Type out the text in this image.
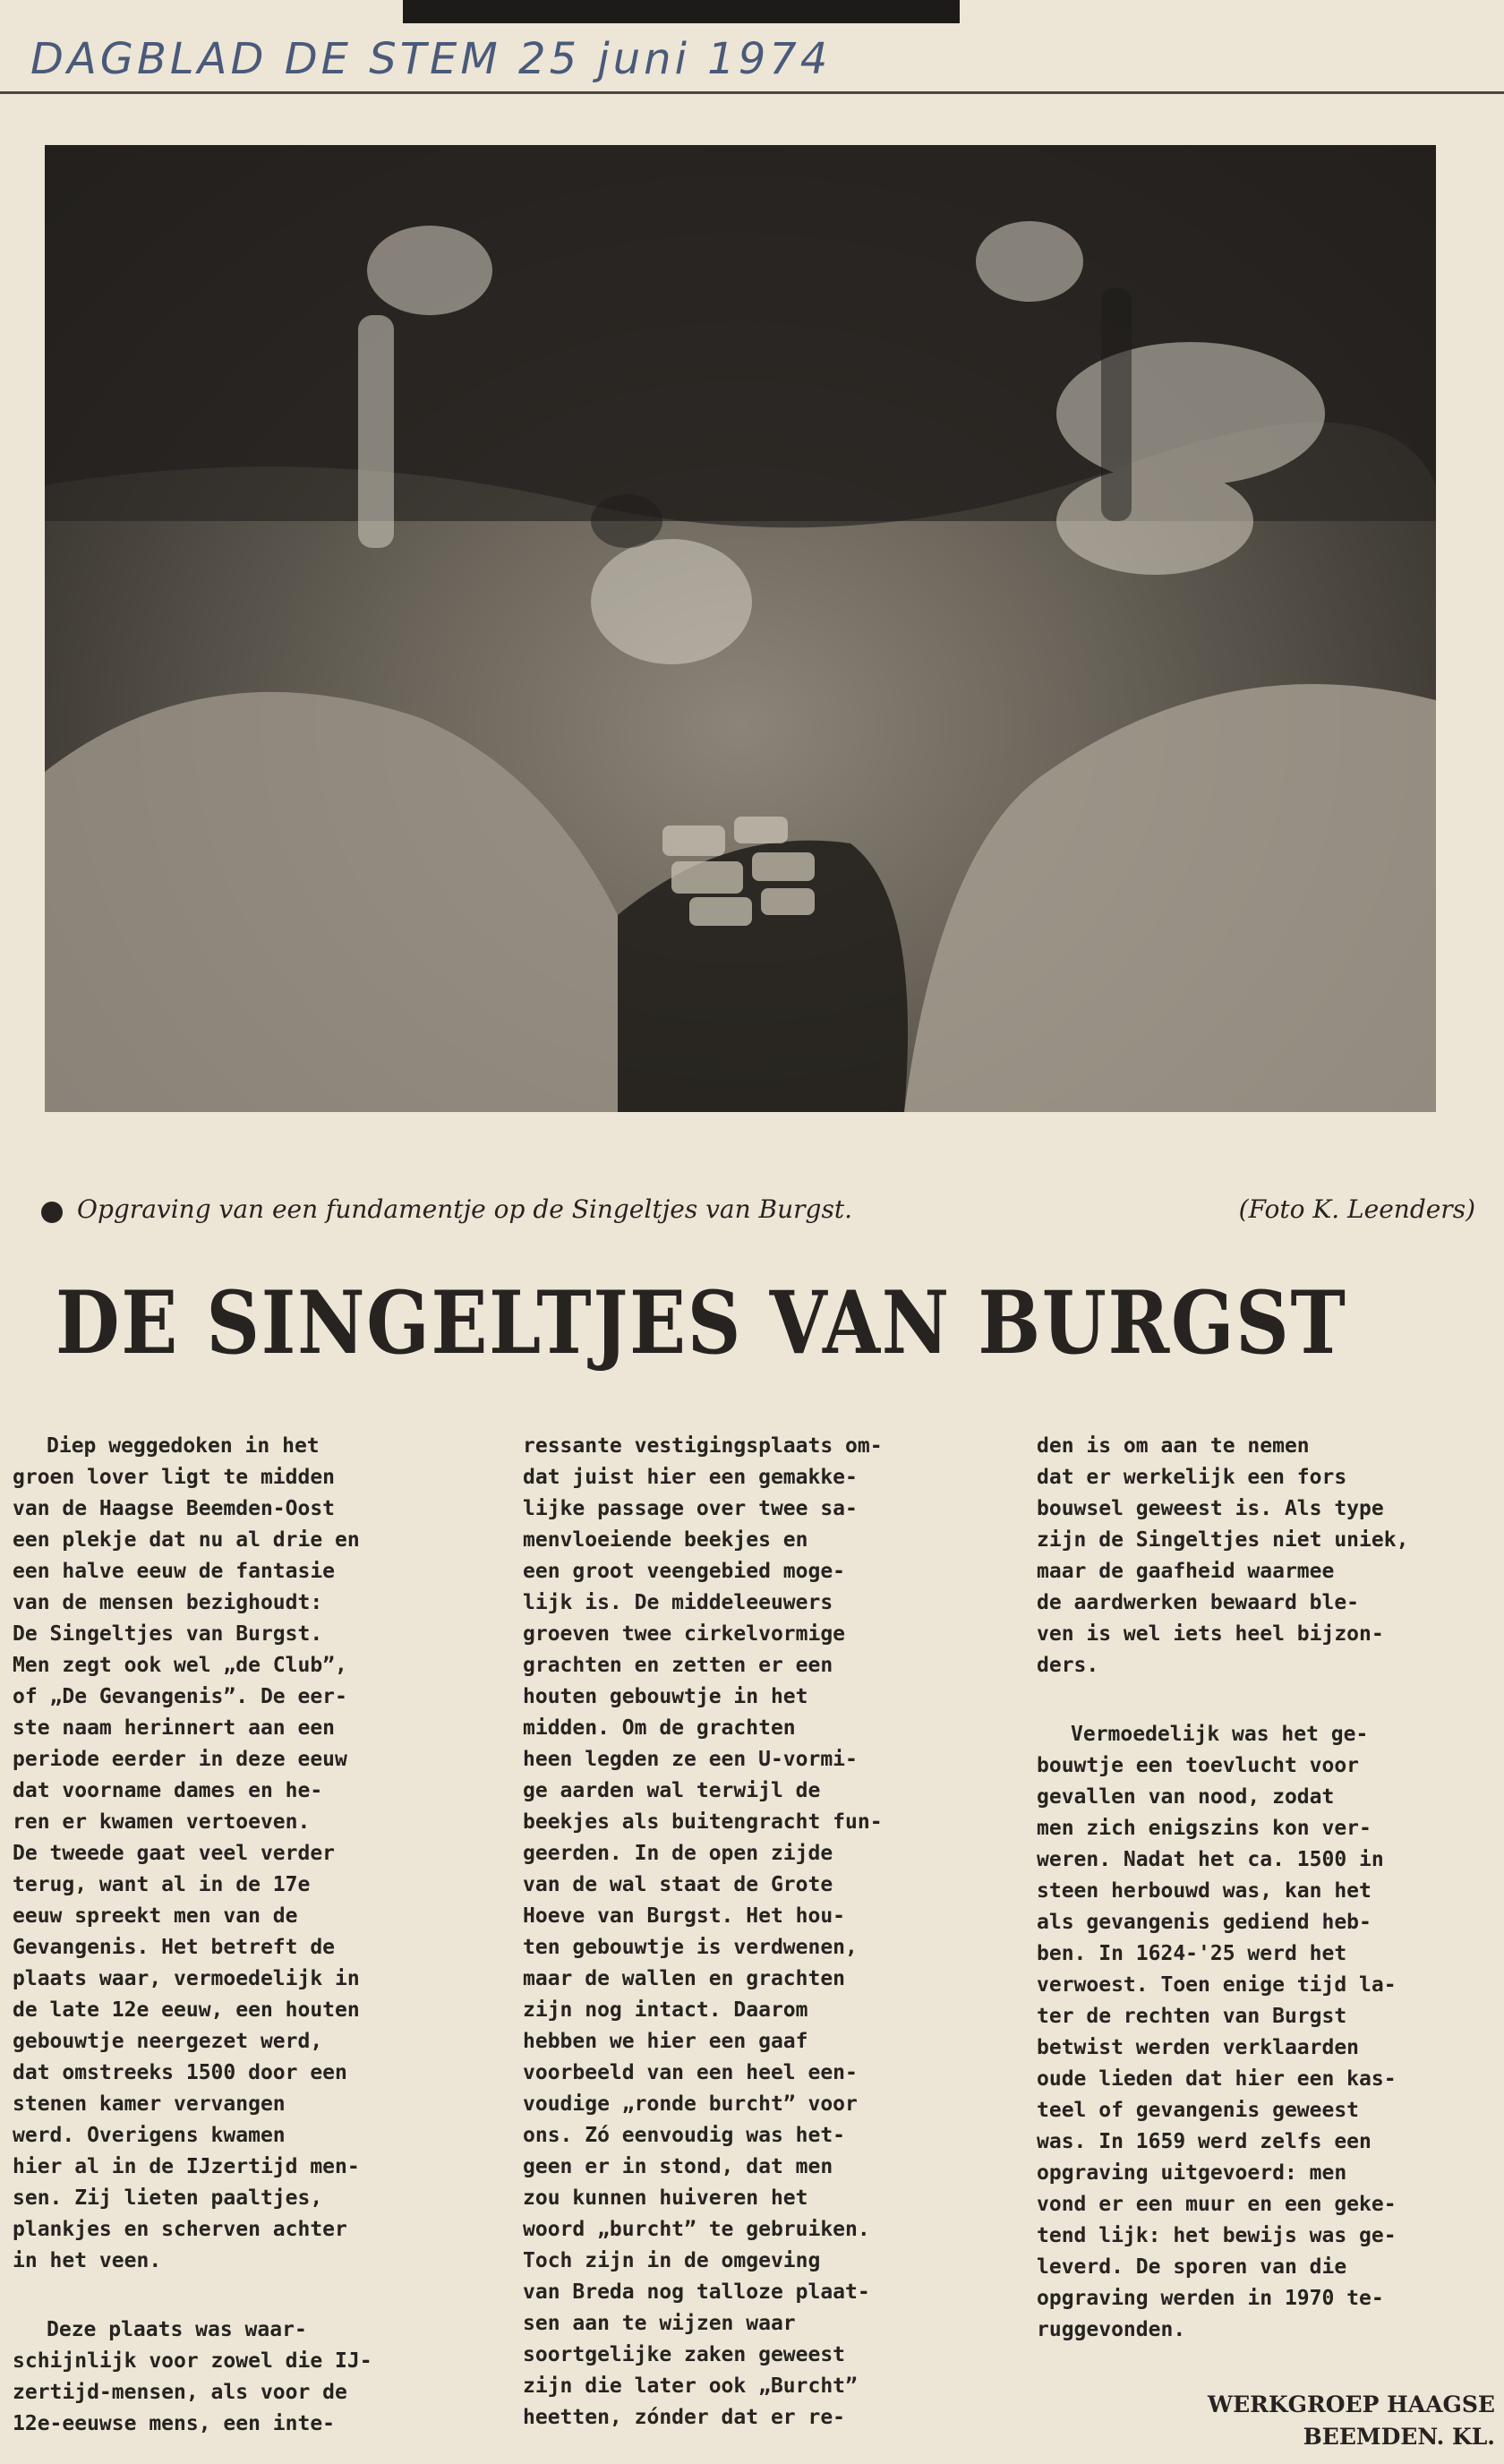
DAGBLAD DE STEM 25 juni 1974
Opgraving van een fundamentje op de Singeltjes van Burgst.	(Foto K. Leenders)
DE SINGELTJES VAN BURGST
Diep weggedoken in het
groen lover ligt te midden
van de Haagse Beemden-Oost
een plekje dat nu al drie en
een halve eeuw de fantasie
van de mensen bezighoudt:
De Singeltjes van Burgst.
Men zegt ook wel „de Club”,
of „De Gevangenis”. De eer-
ste naam herinnert aan een
periode eerder in deze eeuw
dat voorname dames en he-
ren er kwamen vertoeven.
De tweede gaat veel verder
terug, want al in de 17e
eeuw spreekt men van de
Gevangenis. Het betreft de
plaats waar, vermoedelijk in
de late 12e eeuw, een houten
gebouwtje neergezet werd,
dat omstreeks 1500 door een
stenen kamer vervangen
werd. Overigens kwamen
hier al in de IJzertijd men-
sen. Zij lieten paaltjes,
plankjes en scherven achter
in het veen.
Deze plaats was waar-
schijnlijk voor zowel die IJ-
zertijd-mensen, als voor de
12e-eeuwse mens, een inte-
ressante vestigingsplaats om-
dat juist hier een gemakke-
lijke passage over twee sa-
menvloeiende beekjes en
een groot veengebied moge-
lijk is. De middeleeuwers
groeven twee cirkelvormige
grachten en zetten er een
houten gebouwtje in het
midden. Om de grachten
heen legden ze een U-vormi-
ge aarden wal terwijl de
beekjes als buitengracht fun-
geerden. In de open zijde
van de wal staat de Grote
Hoeve van Burgst. Het hou-
ten gebouwtje is verdwenen,
maar de wallen en grachten
zijn nog intact. Daarom
hebben we hier een gaaf
voorbeeld van een heel een-
voudige „ronde burcht” voor
ons. Zó eenvoudig was het-
geen er in stond, dat men
zou kunnen huiveren het
woord „burcht” te gebruiken.
Toch zijn in de omgeving
van Breda nog talloze plaat-
sen aan te wijzen waar
soortgelijke zaken geweest
zijn die later ook „Burcht”
heetten, zónder dat er re-
den is om aan te nemen
dat er werkelijk een fors
bouwsel geweest is. Als type
zijn de Singeltjes niet uniek,
maar de gaafheid waarmee
de aardwerken bewaard ble-
ven is wel iets heel bijzon-
ders.
Vermoedelijk was het ge-
bouwtje een toevlucht voor
gevallen van nood, zodat
men zich enigszins kon ver-
weren. Nadat het ca. 1500 in
steen herbouwd was, kan het
als gevangenis gediend heb-
ben. In 1624-'25 werd het
verwoest. Toen enige tijd la-
ter de rechten van Burgst
betwist werden verklaarden
oude lieden dat hier een kas-
teel of gevangenis geweest
was. In 1659 werd zelfs een
opgraving uitgevoerd: men
vond er een muur en een geke-
tend lijk: het bewijs was ge-
leverd. De sporen van die
opgraving werden in 1970 te-
ruggevonden.
WERKGROEP HAAGSE
BEEMDEN. KL.
